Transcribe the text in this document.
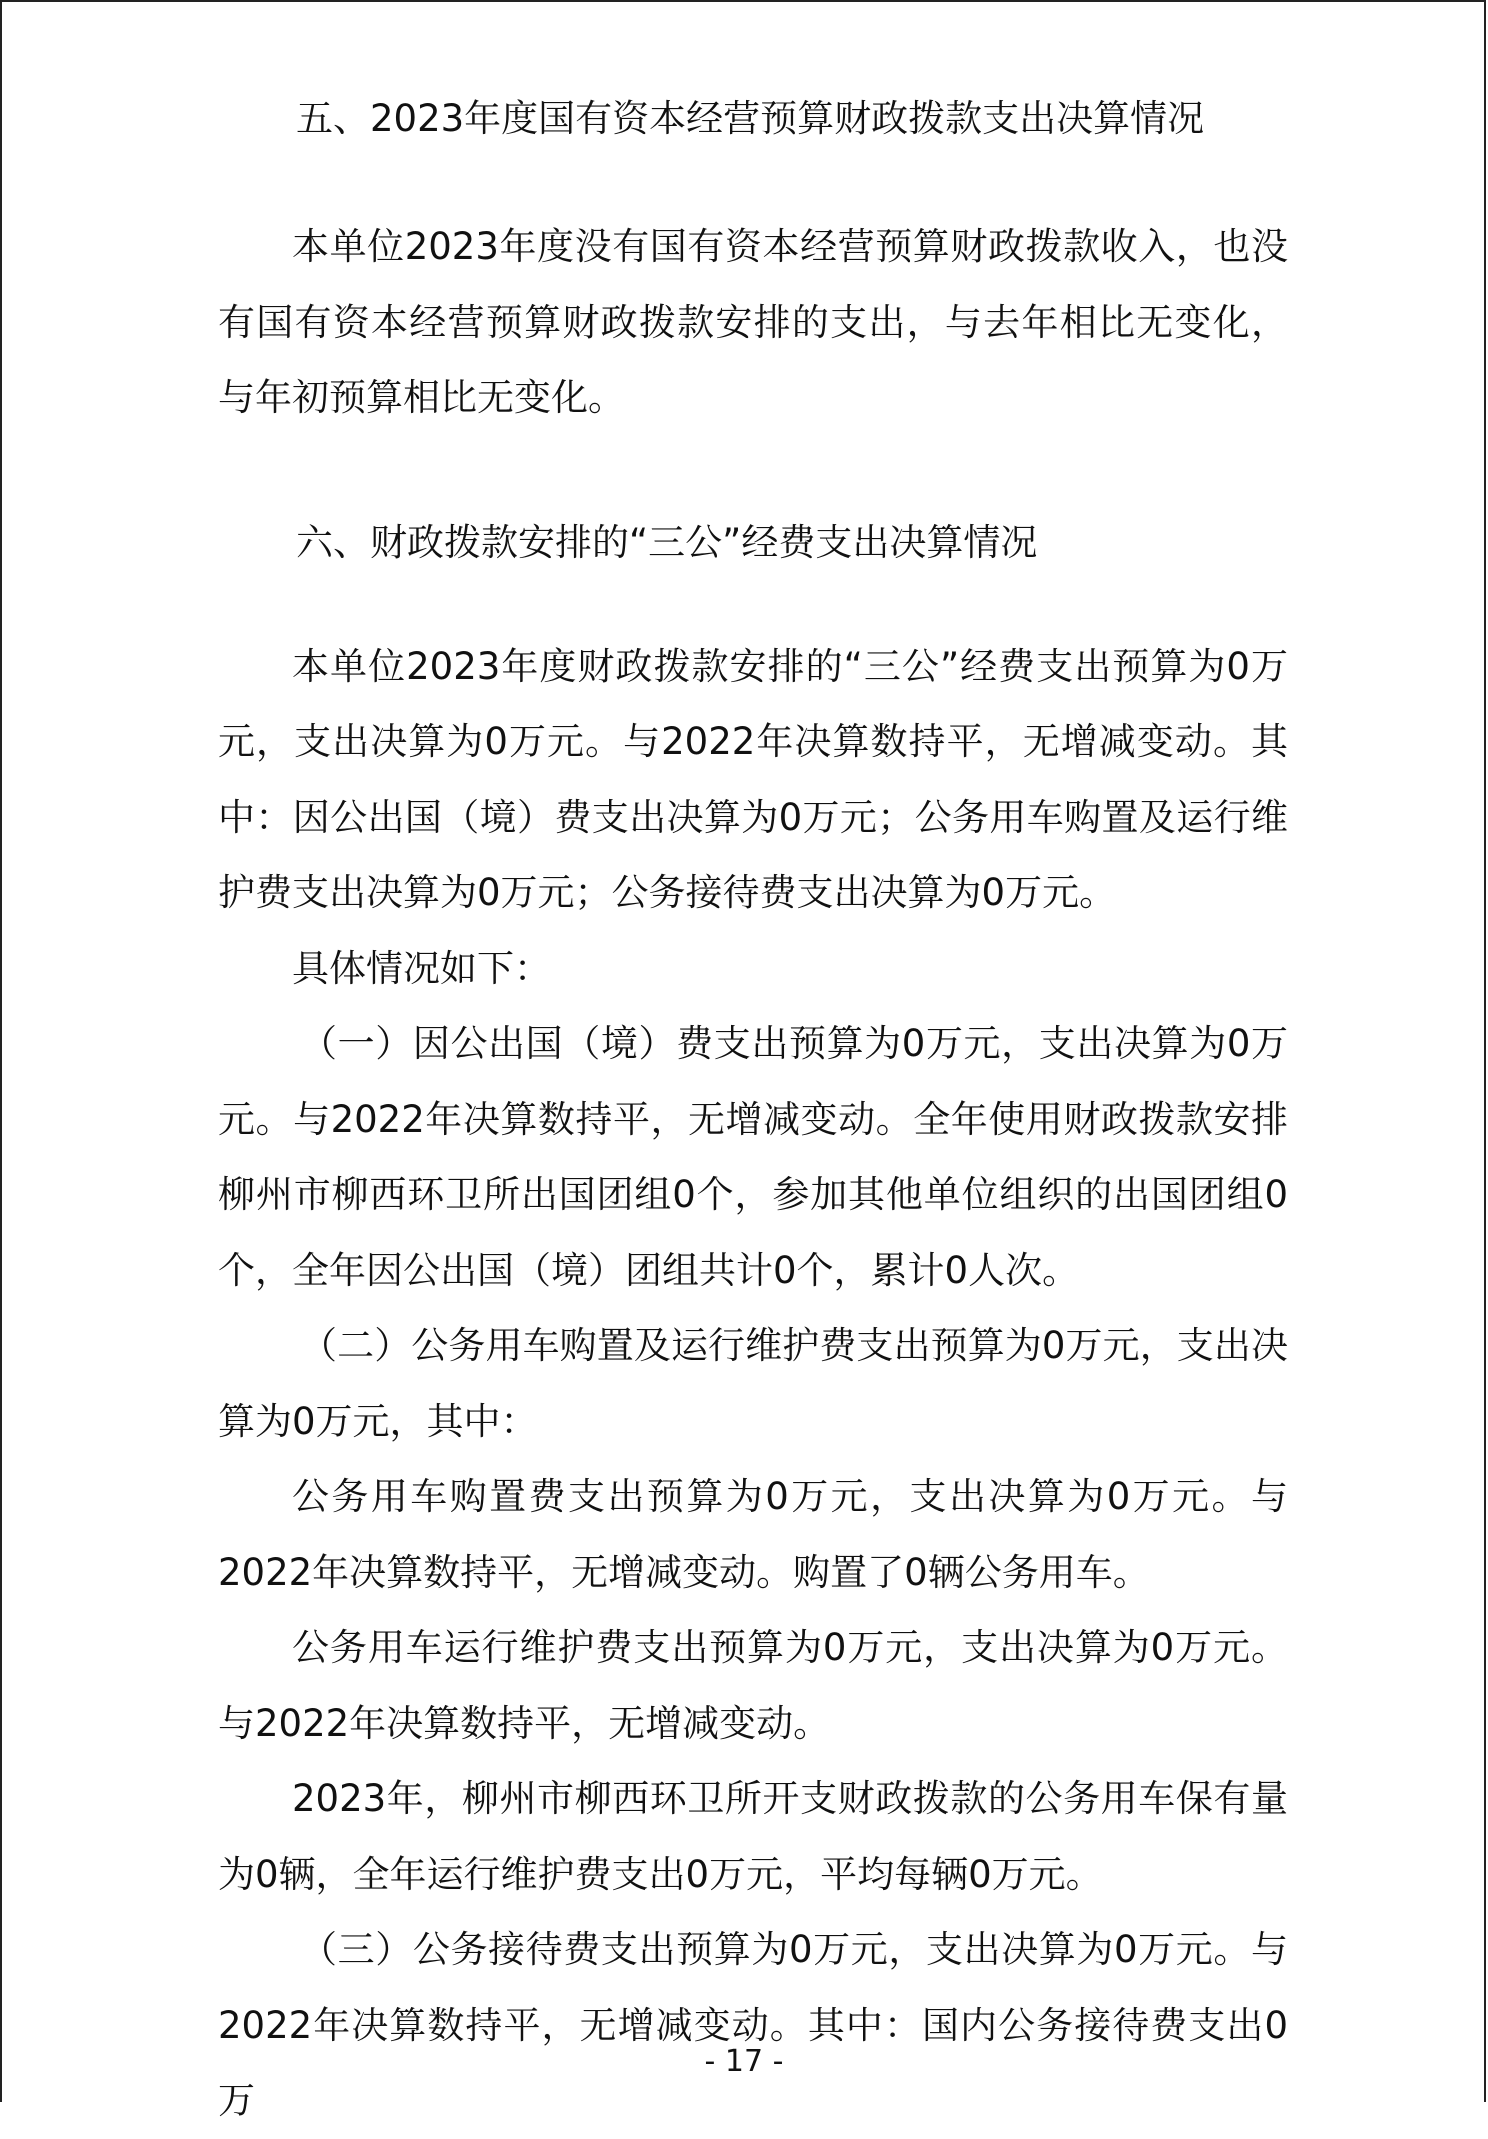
五、2023年度国有资本经营预算财政拨款支出决算情况

本单位2023年度没有国有资本经营预算财政拨款收入，也没有国有资本经营预算财政拨款安排的支出，与去年相比无变化，与年初预算相比无变化。

六、财政拨款安排的“三公”经费支出决算情况

本单位2023年度财政拨款安排的“三公”经费支出预算为0万元，支出决算为0万元。与2022年决算数持平，无增减变动。其中：因公出国（境）费支出决算为0万元；公务用车购置及运行维护费支出决算为0万元；公务接待费支出决算为0万元。

具体情况如下：

（一）因公出国（境）费支出预算为0万元，支出决算为0万元。与2022年决算数持平，无增减变动。全年使用财政拨款安排柳州市柳西环卫所出国团组0个，参加其他单位组织的出国团组0个，全年因公出国（境）团组共计0个，累计0人次。

（二）公务用车购置及运行维护费支出预算为0万元，支出决算为0万元，其中：

公务用车购置费支出预算为0万元，支出决算为0万元。与2022年决算数持平，无增减变动。购置了0辆公务用车。

公务用车运行维护费支出预算为0万元，支出决算为0万元。与2022年决算数持平，无增减变动。

2023年，柳州市柳西环卫所开支财政拨款的公务用车保有量为0辆，全年运行维护费支出0万元，平均每辆0万元。

（三）公务接待费支出预算为0万元，支出决算为0万元。与2022年决算数持平，无增减变动。其中：国内公务接待费支出0万

- 17 -
